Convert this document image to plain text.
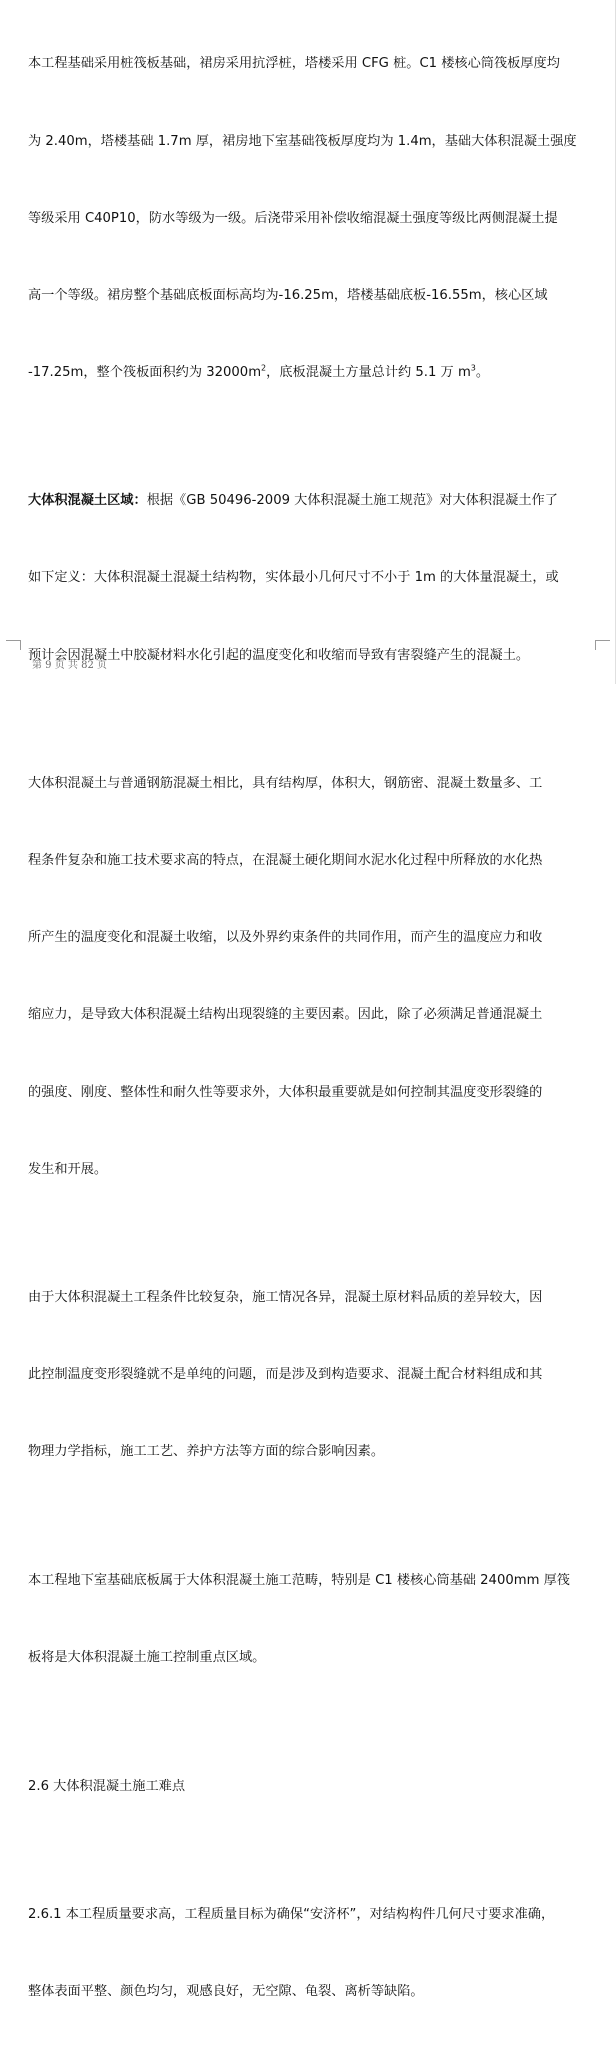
本工程基础采用桩筏板基础，裙房采用抗浮桩，塔楼采用 CFG 桩。C1 楼核心筒筏板厚度均

为 2.40m，塔楼基础 1.7m 厚，裙房地下室基础筏板厚度均为 1.4m，基础大体积混凝土强度

等级采用 C40P10，防水等级为一级。后浇带采用补偿收缩混凝土强度等级比两侧混凝土提

高一个等级。裙房整个基础底板面标高均为-16.25m，塔楼基础底板-16.55m，核心区域

-17.25m，整个筏板面积约为 $32000m^2$，底板混凝土方量总计约 5.1 万 $m^3$。

大体积混凝土区域：根据《GB 50496-2009 大体积混凝土施工规范》对大体积混凝土作了

如下定义：大体积混凝土混凝土结构物，实体最小几何尺寸不小于 1m 的大体量混凝土，或

预计会因混凝土中胶凝材料水化引起的温度变化和收缩而导致有害裂缝产生的混凝土。

大体积混凝土与普通钢筋混凝土相比，具有结构厚，体积大，钢筋密、混凝土数量多、工

程条件复杂和施工技术要求高的特点，在混凝土硬化期间水泥水化过程中所释放的水化热

所产生的温度变化和混凝土收缩，以及外界约束条件的共同作用，而产生的温度应力和收

缩应力，是导致大体积混凝土结构出现裂缝的主要因素。因此，除了必须满足普通混凝土

的强度、刚度、整体性和耐久性等要求外，大体积最重要就是如何控制其温度变形裂缝的

发生和开展。

由于大体积混凝土工程条件比较复杂，施工情况各异，混凝土原材料品质的差异较大，因

此控制温度变形裂缝就不是单纯的问题，而是涉及到构造要求、混凝土配合材料组成和其

物理力学指标，施工工艺、养护方法等方面的综合影响因素。

本工程地下室基础底板属于大体积混凝土施工范畴，特别是 C1 楼核心筒基础 2400mm 厚筏

板将是大体积混凝土施工控制重点区域。

2.6 大体积混凝土施工难点

2.6.1 本工程质量要求高，工程质量目标为确保“安济杯”，对结构构件几何尺寸要求准确，

整体表面平整、颜色均匀，观感良好，无空隙、龟裂、离析等缺陷。

第 9 页 共 82 页
